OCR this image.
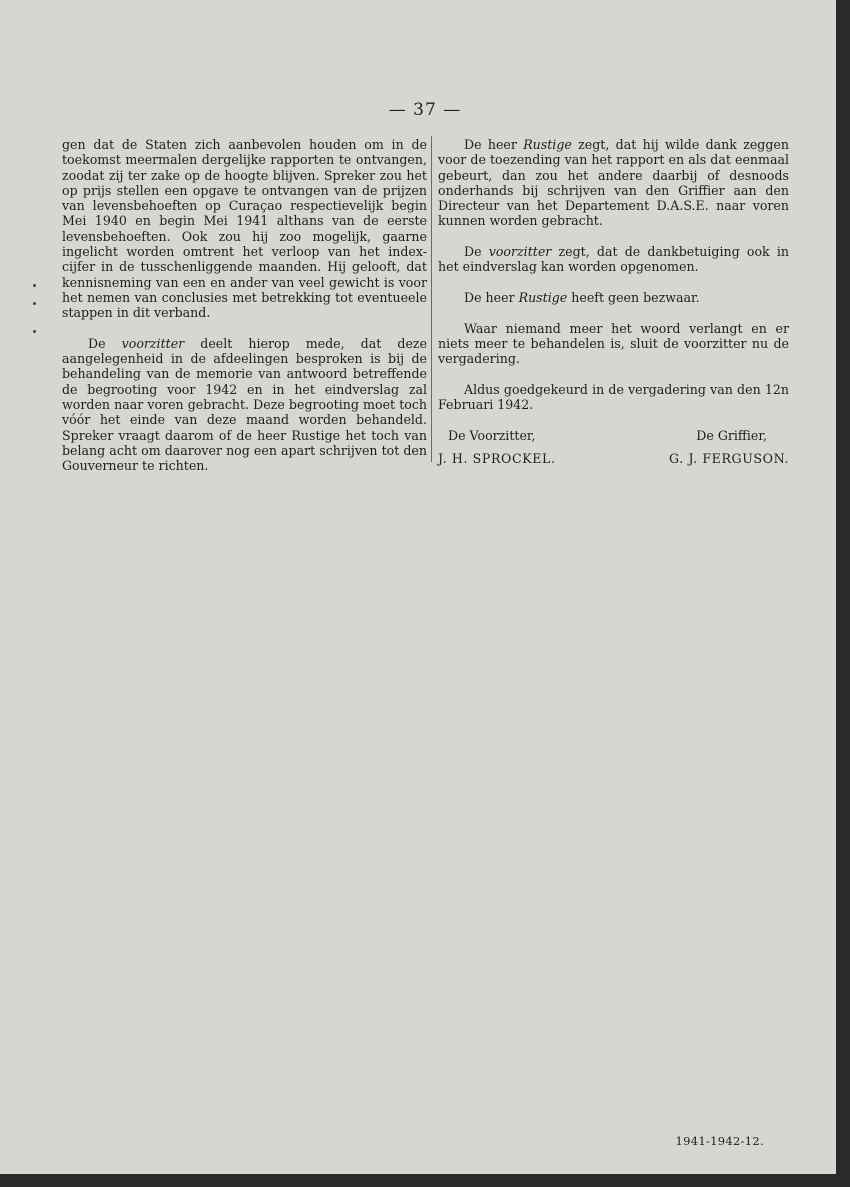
— 37 —

gen dat de Staten zich aanbevolen houden om in de toekomst meermalen dergelijke rapporten te ontvangen, zoodat zij ter zake op de hoogte blijven. Spreker zou het op prijs stellen een opgave te ontvangen van de prijzen van levensbehoeften op Curaçao respectievelijk begin Mei 1940 en begin Mei 1941 althans van de eerste levensbehoeften. Ook zou hij zoo mogelijk, gaarne ingelicht worden omtrent het verloop van het index-cijfer in de tusschenliggende maanden. Hij gelooft, dat kennisneming van een en ander van veel gewicht is voor het nemen van conclusies met betrekking tot eventueele stappen in dit verband.

De voorzitter deelt hierop mede, dat deze aangelegenheid in de afdeelingen besproken is bij de behandeling van de memorie van antwoord betreffende de begrooting voor 1942 en in het eindverslag zal worden naar voren gebracht. Deze begrooting moet toch vóór het einde van deze maand worden behandeld. Spreker vraagt daarom of de heer Rustige het toch van belang acht om daarover nog een apart schrijven tot den Gouverneur te richten.

De heer Rustige zegt, dat hij wilde dank zeggen voor de toezending van het rapport en als dat eenmaal gebeurt, dan zou het andere daarbij of desnoods onderhands bij schrijven van den Griffier aan den Directeur van het Departement D.A.S.E. naar voren kunnen worden gebracht.

De voorzitter zegt, dat de dankbetuiging ook in het eindverslag kan worden opgenomen.

De heer Rustige heeft geen bezwaar.

Waar niemand meer het woord verlangt en er niets meer te behandelen is, sluit de voorzitter nu de vergadering.

Aldus goedgekeurd in de vergadering van den 12n Februari 1942.

De Voorzitter,	De Griffier,
J. H. SPROCKEL.	G. J. FERGUSON.
1941-1942-12.
